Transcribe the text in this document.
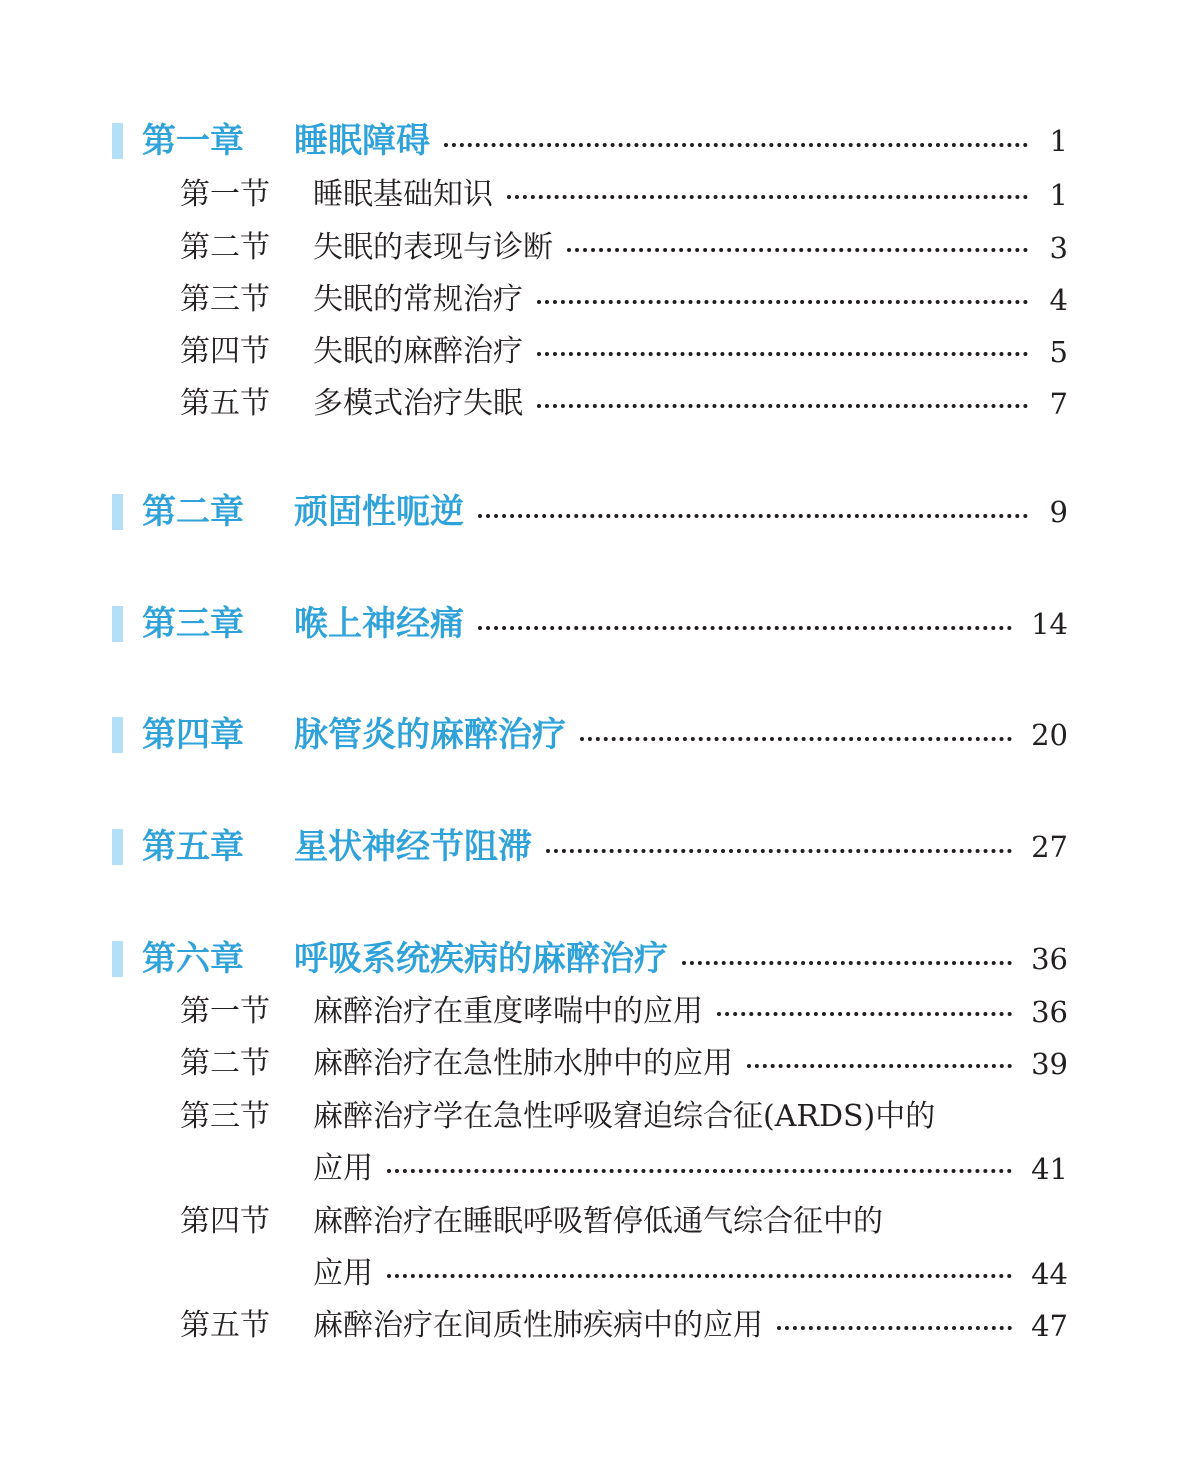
第一章 睡眠障碍	1
第一节 睡眠基础知识	1
第二节 失眠的表现与诊断	3
第三节 失眠的常规治疗	4
第四节 失眠的麻醉治疗	5
第五节 多模式治疗失眠	7
第二章 顽固性呃逆	9
第三章 喉上神经痛	14
第四章 脉管炎的麻醉治疗	20
第五章 星状神经节阻滞	27
第六章 呼吸系统疾病的麻醉治疗	36
第一节 麻醉治疗在重度哮喘中的应用	36
第二节 麻醉治疗在急性肺水肿中的应用	39
第三节 麻醉治疗学在急性呼吸窘迫综合征(ARDS)中的
应用	41
第四节 麻醉治疗在睡眠呼吸暂停低通气综合征中的
应用	44
第五节 麻醉治疗在间质性肺疾病中的应用	47
